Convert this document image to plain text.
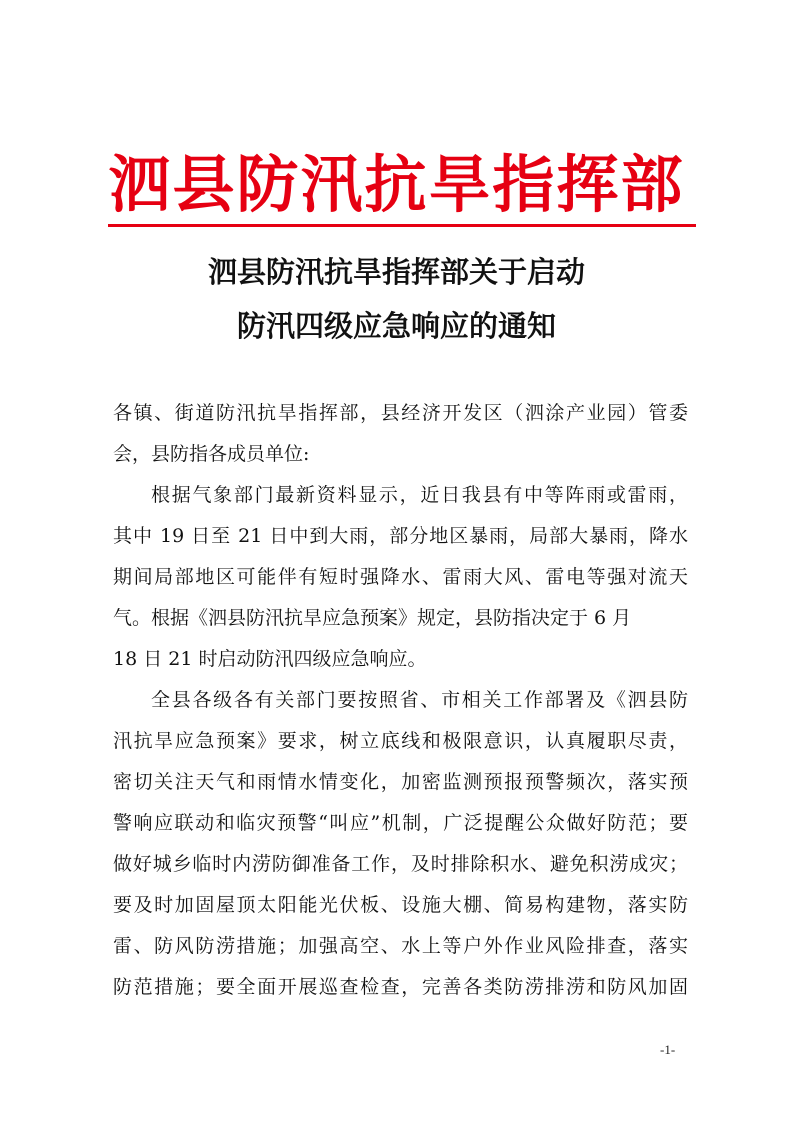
泗县防汛抗旱指挥部
泗县防汛抗旱指挥部关于启动
防汛四级应急响应的通知

各镇、街道防汛抗旱指挥部，县经济开发区（泗涂产业园）管委
会，县防指各成员单位:

根据气象部门最新资料显示，近日我县有中等阵雨或雷雨，
其中 19 日至 21 日中到大雨，部分地区暴雨，局部大暴雨，降水
期间局部地区可能伴有短时强降水、雷雨大风、雷电等强对流天
气。根据《泗县防汛抗旱应急预案》规定，县防指决定于 6 月
18 日 21 时启动防汛四级应急响应。

全县各级各有关部门要按照省、市相关工作部署及《泗县防
汛抗旱应急预案》要求，树立底线和极限意识，认真履职尽责，
密切关注天气和雨情水情变化，加密监测预报预警频次，落实预
警响应联动和临灾预警“叫应”机制，广泛提醒公众做好防范；要
做好城乡临时内涝防御准备工作，及时排除积水、避免积涝成灾；
要及时加固屋顶太阳能光伏板、设施大棚、简易构建物，落实防
雷、防风防涝措施；加强高空、水上等户外作业风险排查，落实
防范措施；要全面开展巡查检查，完善各类防涝排涝和防风加固

-1-
